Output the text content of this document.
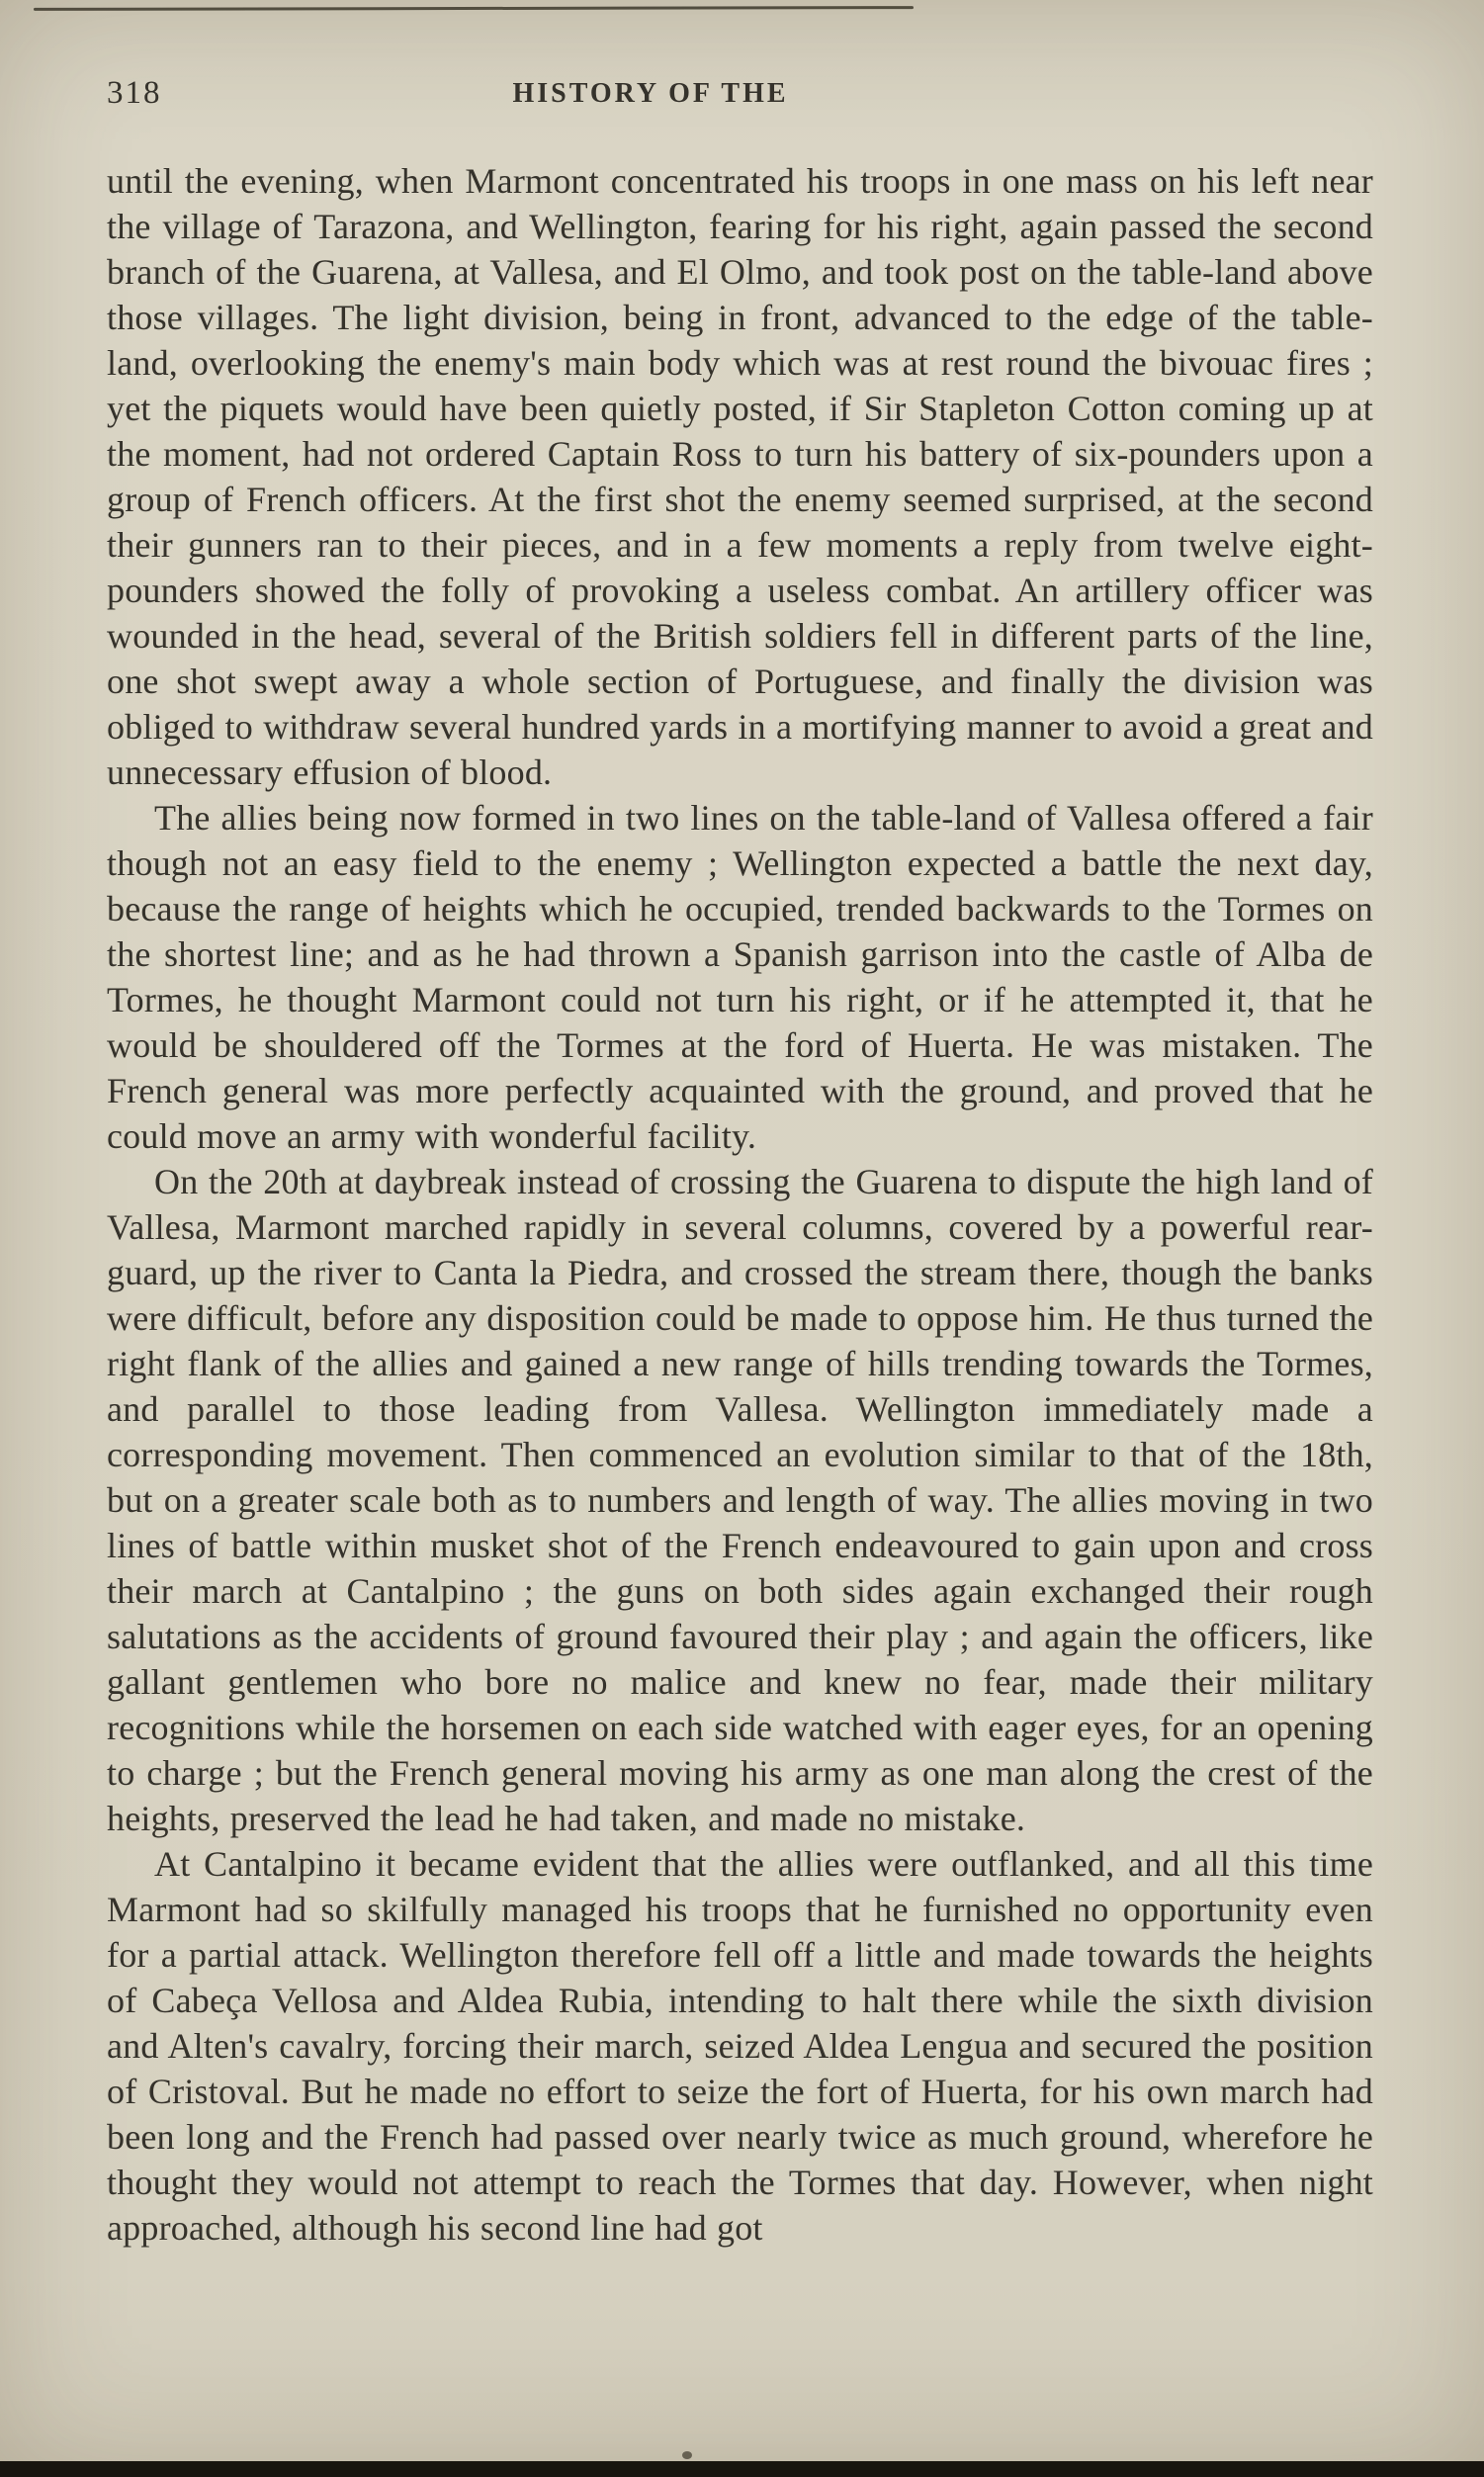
318	HISTORY OF THE

until the evening, when Marmont concentrated his troops in one mass on his left near the village of Tarazona, and Wellington, fearing for his right, again passed the second branch of the Guarena, at Vallesa, and El Olmo, and took post on the table-land above those villages. The light division, being in front, advanced to the edge of the table-land, overlooking the enemy's main body which was at rest round the bivouac fires ; yet the piquets would have been quietly posted, if Sir Stapleton Cotton coming up at the moment, had not ordered Captain Ross to turn his battery of six-pounders upon a group of French officers. At the first shot the enemy seemed surprised, at the second their gunners ran to their pieces, and in a few moments a reply from twelve eight-pounders showed the folly of provoking a useless combat. An artillery officer was wounded in the head, several of the British soldiers fell in different parts of the line, one shot swept away a whole section of Portuguese, and finally the division was obliged to withdraw several hundred yards in a mortifying manner to avoid a great and unnecessary effusion of blood.

The allies being now formed in two lines on the table-land of Vallesa offered a fair though not an easy field to the enemy ; Wellington expected a battle the next day, because the range of heights which he occupied, trended backwards to the Tormes on the shortest line; and as he had thrown a Spanish garrison into the castle of Alba de Tormes, he thought Marmont could not turn his right, or if he attempted it, that he would be shouldered off the Tormes at the ford of Huerta. He was mistaken. The French general was more perfectly acquainted with the ground, and proved that he could move an army with wonderful facility.

On the 20th at daybreak instead of crossing the Guarena to dispute the high land of Vallesa, Marmont marched rapidly in several columns, covered by a powerful rear-guard, up the river to Canta la Piedra, and crossed the stream there, though the banks were difficult, before any disposition could be made to oppose him. He thus turned the right flank of the allies and gained a new range of hills trending towards the Tormes, and parallel to those leading from Vallesa. Wellington immediately made a corresponding movement. Then commenced an evolution similar to that of the 18th, but on a greater scale both as to numbers and length of way. The allies moving in two lines of battle within musket shot of the French endeavoured to gain upon and cross their march at Cantalpino ; the guns on both sides again exchanged their rough salutations as the accidents of ground favoured their play ; and again the officers, like gallant gentlemen who bore no malice and knew no fear, made their military recognitions while the horsemen on each side watched with eager eyes, for an opening to charge ; but the French general moving his army as one man along the crest of the heights, preserved the lead he had taken, and made no mistake.

At Cantalpino it became evident that the allies were outflanked, and all this time Marmont had so skilfully managed his troops that he furnished no opportunity even for a partial attack. Wellington therefore fell off a little and made towards the heights of Cabeça Vellosa and Aldea Rubia, intending to halt there while the sixth division and Alten's cavalry, forcing their march, seized Aldea Lengua and secured the position of Cristoval. But he made no effort to seize the fort of Huerta, for his own march had been long and the French had passed over nearly twice as much ground, wherefore he thought they would not attempt to reach the Tormes that day. However, when night approached, although his second line had got
